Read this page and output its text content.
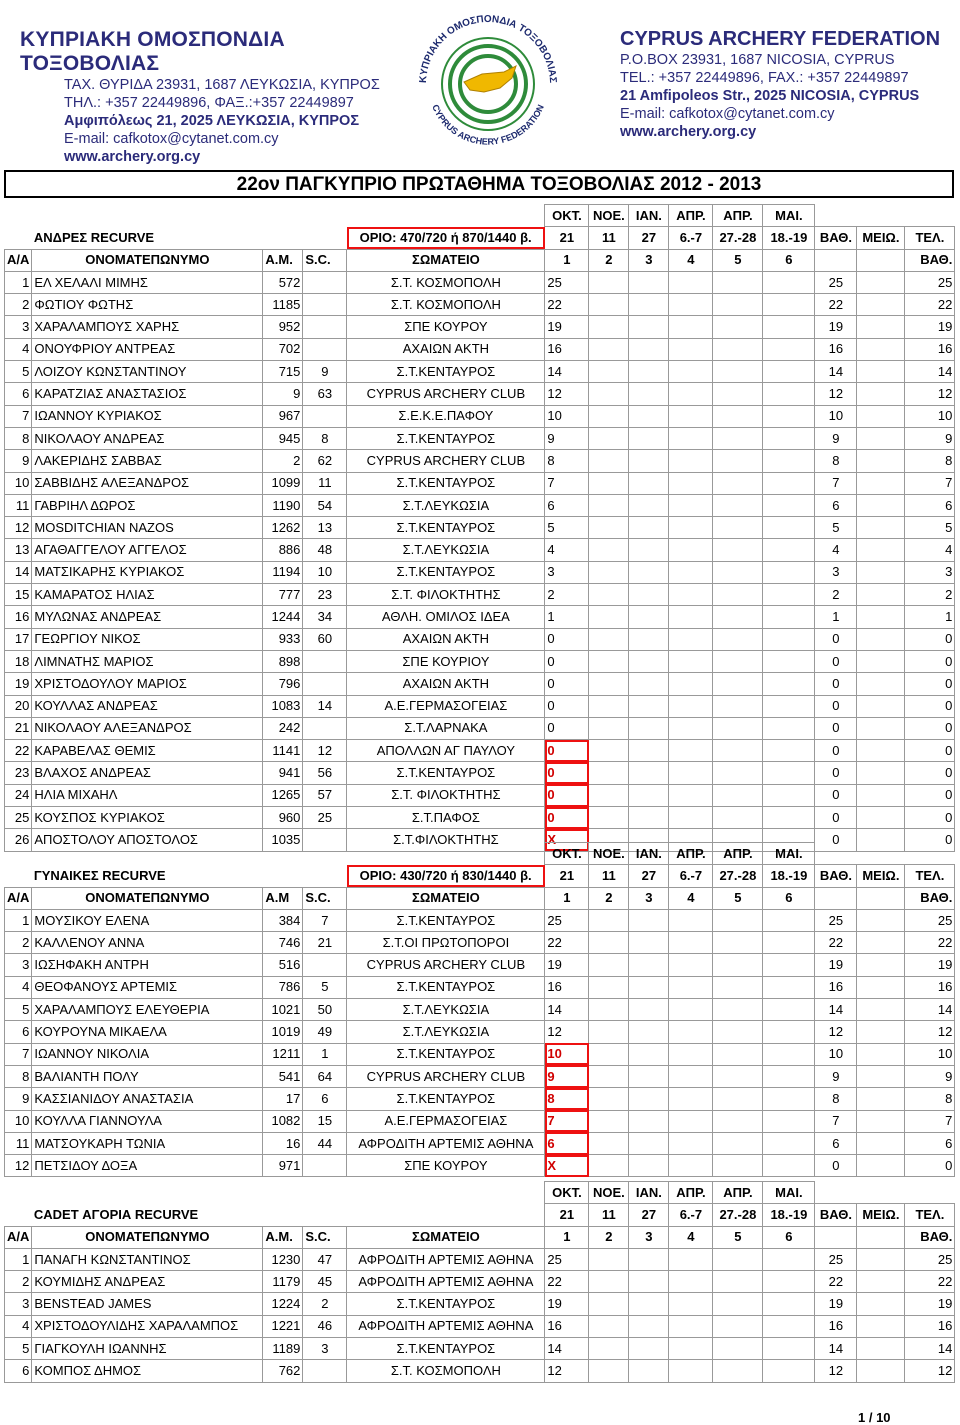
ΚΥΠΡΙΑΚΗ ΟΜΟΣΠΟΝΔΙΑ ΤΟΞΟΒΟΛΙΑΣ
ΤΑΧ. ΘΥΡΙΔΑ 23931, 1687 ΛΕΥΚΩΣΙΑ, ΚΥΠΡΟΣ
ΤΗΛ.: +357 22449896, ΦΑΞ.:+357 22449897
Αμφιπόλεως 21, 2025 ΛΕΥΚΩΣΙΑ, ΚΥΠΡΟΣ
E-mail: cafkotox@cytanet.com.cy
www.archery.org.cy
ΚΥΠΡΙΑΚΗ ΟΜΟΣΠΟΝΔΙΑ ΤΟΞΟΒΟΛΙΑΣ
CYPRUS ARCHERY FEDERATION
CYPRUS ARCHERY FEDERATION
P.O.BOX 23931, 1687 NICOSIA, CYPRUS
TEL.: +357 22449896, FAX.: +357 22449897
21 Amfipoleos Str., 2025 NICOSIA, CYPRUS
E-mail: cafkotox@cytanet.com.cy
www.archery.org.cy
22ον ΠΑΓΚΥΠΡΙΟ ΠΡΩΤΑΘΗΜΑ ΤΟΞΟΒΟΛΙΑΣ 2012 - 2013
					ΟΚΤ.	ΝΟΕ.	ΙΑΝ.	ΑΠΡ.	ΑΠΡ.	ΜΑΙ.			
	ΑΝΔΡΕΣ RECURVE			ΟΡΙΟ: 470/720 ή 870/1440 β.	21	11	27	6.-7	27.-28	18.-19	ΒΑΘ.	ΜΕΙΩ.	ΤΕΛ.
Α/Α	ΟΝΟΜΑΤΕΠΩΝΥΜΟ	Α.Μ.	S.C.	ΣΩΜΑΤΕΙΟ	1	2	3	4	5	6			ΒΑΘ.
1	ΕΛ ΧΕΛΑΛΙ ΜΙΜΗΣ	572		Σ.Τ. ΚΟΣΜΟΠΟΛΗ	25						25		25
2	ΦΩΤΙΟΥ ΦΩΤΗΣ	1185		Σ.Τ. ΚΟΣΜΟΠΟΛΗ	22						22		22
3	ΧΑΡΑΛΑΜΠΟΥΣ ΧΑΡΗΣ	952		ΣΠΕ ΚΟΥΡΟΥ	19						19		19
4	ΟΝΟΥΦΡΙΟΥ ΑΝΤΡΕΑΣ	702		ΑΧΑΙΩΝ ΑΚΤΗ	16						16		16
5	ΛΟΙΖΟΥ ΚΩΝΣΤΑΝΤΙΝΟΥ	715	9	Σ.Τ.ΚΕΝΤΑΥΡΟΣ	14						14		14
6	ΚΑΡΑΤΖΙΑΣ ΑΝΑΣΤΑΣΙΟΣ	9	63	CYPRUS ARCHERY CLUB	12						12		12
7	ΙΩΑΝΝΟΥ ΚΥΡΙΑΚΟΣ	967		Σ.Ε.Κ.Ε.ΠΑΦΟΥ	10						10		10
8	ΝΙΚΟΛΑΟΥ ΑΝΔΡΕΑΣ	945	8	Σ.Τ.ΚΕΝΤΑΥΡΟΣ	9						9		9
9	ΛΑΚΕΡΙΔΗΣ ΣΑΒΒΑΣ	2	62	CYPRUS ARCHERY CLUB	8						8		8
10	ΣΑΒΒΙΔΗΣ ΑΛΕΞΑΝΔΡΟΣ	1099	11	Σ.Τ.ΚΕΝΤΑΥΡΟΣ	7						7		7
11	ΓΑΒΡΙΗΛ ΔΩΡΟΣ	1190	54	Σ.Τ.ΛΕΥΚΩΣΙΑ	6						6		6
12	MOSDITCHIAN NAZOS	1262	13	Σ.Τ.ΚΕΝΤΑΥΡΟΣ	5						5		5
13	ΑΓΑΘΑΓΓΕΛΟΥ ΑΓΓΕΛΟΣ	886	48	Σ.Τ.ΛΕΥΚΩΣΙΑ	4						4		4
14	ΜΑΤΣΙΚΑΡΗΣ ΚΥΡΙΑΚΟΣ	1194	10	Σ.Τ.ΚΕΝΤΑΥΡΟΣ	3						3		3
15	ΚΑΜΑΡΑΤΟΣ ΗΛΙΑΣ	777	23	Σ.Τ. ΦΙΛΟΚΤΗΤΗΣ	2						2		2
16	ΜΥΛΩΝΑΣ ΑΝΔΡΕΑΣ	1244	34	ΑΘΛΗ. ΟΜΙΛΟΣ ΙΔΕΑ	1						1		1
17	ΓΕΩΡΓΙΟΥ ΝΙΚΟΣ	933	60	ΑΧΑΙΩΝ ΑΚΤΗ	0						0		0
18	ΛΙΜΝΑΤΗΣ ΜΑΡΙΟΣ	898		ΣΠΕ ΚΟΥΡΙΟΥ	0						0		0
19	ΧΡΙΣΤΟΔΟΥΛΟΥ ΜΑΡΙΟΣ	796		ΑΧΑΙΩΝ ΑΚΤΗ	0						0		0
20	ΚΟΥΛΛΑΣ ΑΝΔΡΕΑΣ	1083	14	Α.Ε.ΓΕΡΜΑΣΟΓΕΙΑΣ	0						0		0
21	ΝΙΚΟΛΑΟΥ ΑΛΕΞΑΝΔΡΟΣ	242		Σ.Τ.ΛΑΡΝΑΚΑ	0						0		0
22	ΚΑΡΑΒΕΛΑΣ ΘΕΜΙΣ	1141	12	ΑΠΟΛΛΩΝ ΑΓ ΠΑΥΛΟΥ	0						0		0
23	ΒΛΑΧΟΣ ΑΝΔΡΕΑΣ	941	56	Σ.Τ.ΚΕΝΤΑΥΡΟΣ	0						0		0
24	ΗΛΙΑ ΜΙΧΑΗΛ	1265	57	Σ.Τ. ΦΙΛΟΚΤΗΤΗΣ	0						0		0
25	ΚΟΥΣΠΟΣ ΚΥΡΙΑΚΟΣ	960	25	Σ.Τ.ΠΑΦΟΣ	0						0		0
26	ΑΠΟΣΤΟΛΟΥ ΑΠΟΣΤΟΛΟΣ	1035		Σ.Τ.ΦΙΛΟΚΤΗΤΗΣ	X						0		0
					ΟΚΤ.	ΝΟΕ.	ΙΑΝ.	ΑΠΡ.	ΑΠΡ.	ΜΑΙ.			
	ΓΥΝΑΙΚΕΣ RECURVE			ΟΡΙΟ: 430/720 ή 830/1440 β.	21	11	27	6.-7	27.-28	18.-19	ΒΑΘ.	ΜΕΙΩ.	ΤΕΛ.
Α/Α	ΟΝΟΜΑΤΕΠΩΝΥΜΟ	Α.Μ	S.C.	ΣΩΜΑΤΕΙΟ	1	2	3	4	5	6			ΒΑΘ.
1	ΜΟΥΣΙΚΟΥ ΕΛΕΝΑ	384	7	Σ.Τ.ΚΕΝΤΑΥΡΟΣ	25						25		25
2	ΚΑΛΛΕΝΟΥ ΑΝΝΑ	746	21	Σ.Τ.ΟΙ ΠΡΩΤΟΠΟΡΟΙ	22						22		22
3	ΙΩΣΗΦΑΚΗ ΑΝΤΡΗ	516		CYPRUS ARCHERY CLUB	19						19		19
4	ΘΕΟΦΑΝΟΥΣ ΑΡΤΕΜΙΣ	786	5	Σ.Τ.ΚΕΝΤΑΥΡΟΣ	16						16		16
5	ΧΑΡΑΛΑΜΠΟΥΣ ΕΛΕΥΘΕΡΙΑ	1021	50	Σ.Τ.ΛΕΥΚΩΣΙΑ	14						14		14
6	ΚΟΥΡΟΥΝΑ ΜΙΚΑΕΛΑ	1019	49	Σ.Τ.ΛΕΥΚΩΣΙΑ	12						12		12
7	ΙΩΑΝΝΟΥ ΝΙΚΟΛΙΑ	1211	1	Σ.Τ.ΚΕΝΤΑΥΡΟΣ	10						10		10
8	ΒΑΛΙΑΝΤΗ ΠΟΛΥ	541	64	CYPRUS ARCHERY CLUB	9						9		9
9	ΚΑΣΣΙΑΝΙΔΟΥ ΑΝΑΣΤΑΣΙΑ	17	6	Σ.Τ.ΚΕΝΤΑΥΡΟΣ	8						8		8
10	ΚΟΥΛΛΑ ΓΙΑΝΝΟΥΛΑ	1082	15	Α.Ε.ΓΕΡΜΑΣΟΓΕΙΑΣ	7						7		7
11	ΜΑΤΣΟΥΚΑΡΗ ΤΩΝΙΑ	16	44	ΑΦΡΟΔΙΤΗ ΑΡΤΕΜΙΣ ΑΘΗΝΑ	6						6		6
12	ΠΕΤΣΙΔΟΥ ΔΟΞΑ	971		ΣΠΕ ΚΟΥΡΟΥ	X						0		0
					ΟΚΤ.	ΝΟΕ.	ΙΑΝ.	ΑΠΡ.	ΑΠΡ.	ΜΑΙ.			
	CADET ΑΓΟΡΙΑ RECURVE				21	11	27	6.-7	27.-28	18.-19	ΒΑΘ.	ΜΕΙΩ.	ΤΕΛ.
Α/Α	ΟΝΟΜΑΤΕΠΩΝΥΜΟ	Α.Μ.	S.C.	ΣΩΜΑΤΕΙΟ	1	2	3	4	5	6			ΒΑΘ.
1	ΠΑΝΑΓΗ ΚΩΝΣΤΑΝΤΙΝΟΣ	1230	47	ΑΦΡΟΔΙΤΗ ΑΡΤΕΜΙΣ ΑΘΗΝΑ	25						25		25
2	ΚΟΥΜΙΔΗΣ ΑΝΔΡΕΑΣ	1179	45	ΑΦΡΟΔΙΤΗ ΑΡΤΕΜΙΣ ΑΘΗΝΑ	22						22		22
3	BENSTEAD JAMES	1224	2	Σ.Τ.ΚΕΝΤΑΥΡΟΣ	19						19		19
4	ΧΡΙΣΤΟΔΟΥΛΙΔΗΣ ΧΑΡΑΛΑΜΠΟΣ	1221	46	ΑΦΡΟΔΙΤΗ ΑΡΤΕΜΙΣ ΑΘΗΝΑ	16						16		16
5	ΓΙΑΓΚΟΥΛΗ ΙΩΑΝΝΗΣ	1189	3	Σ.Τ.ΚΕΝΤΑΥΡΟΣ	14						14		14
6	ΚΟΜΠΟΣ ΔΗΜΟΣ	762		Σ.Τ. ΚΟΣΜΟΠΟΛΗ	12						12		12
1 / 10
